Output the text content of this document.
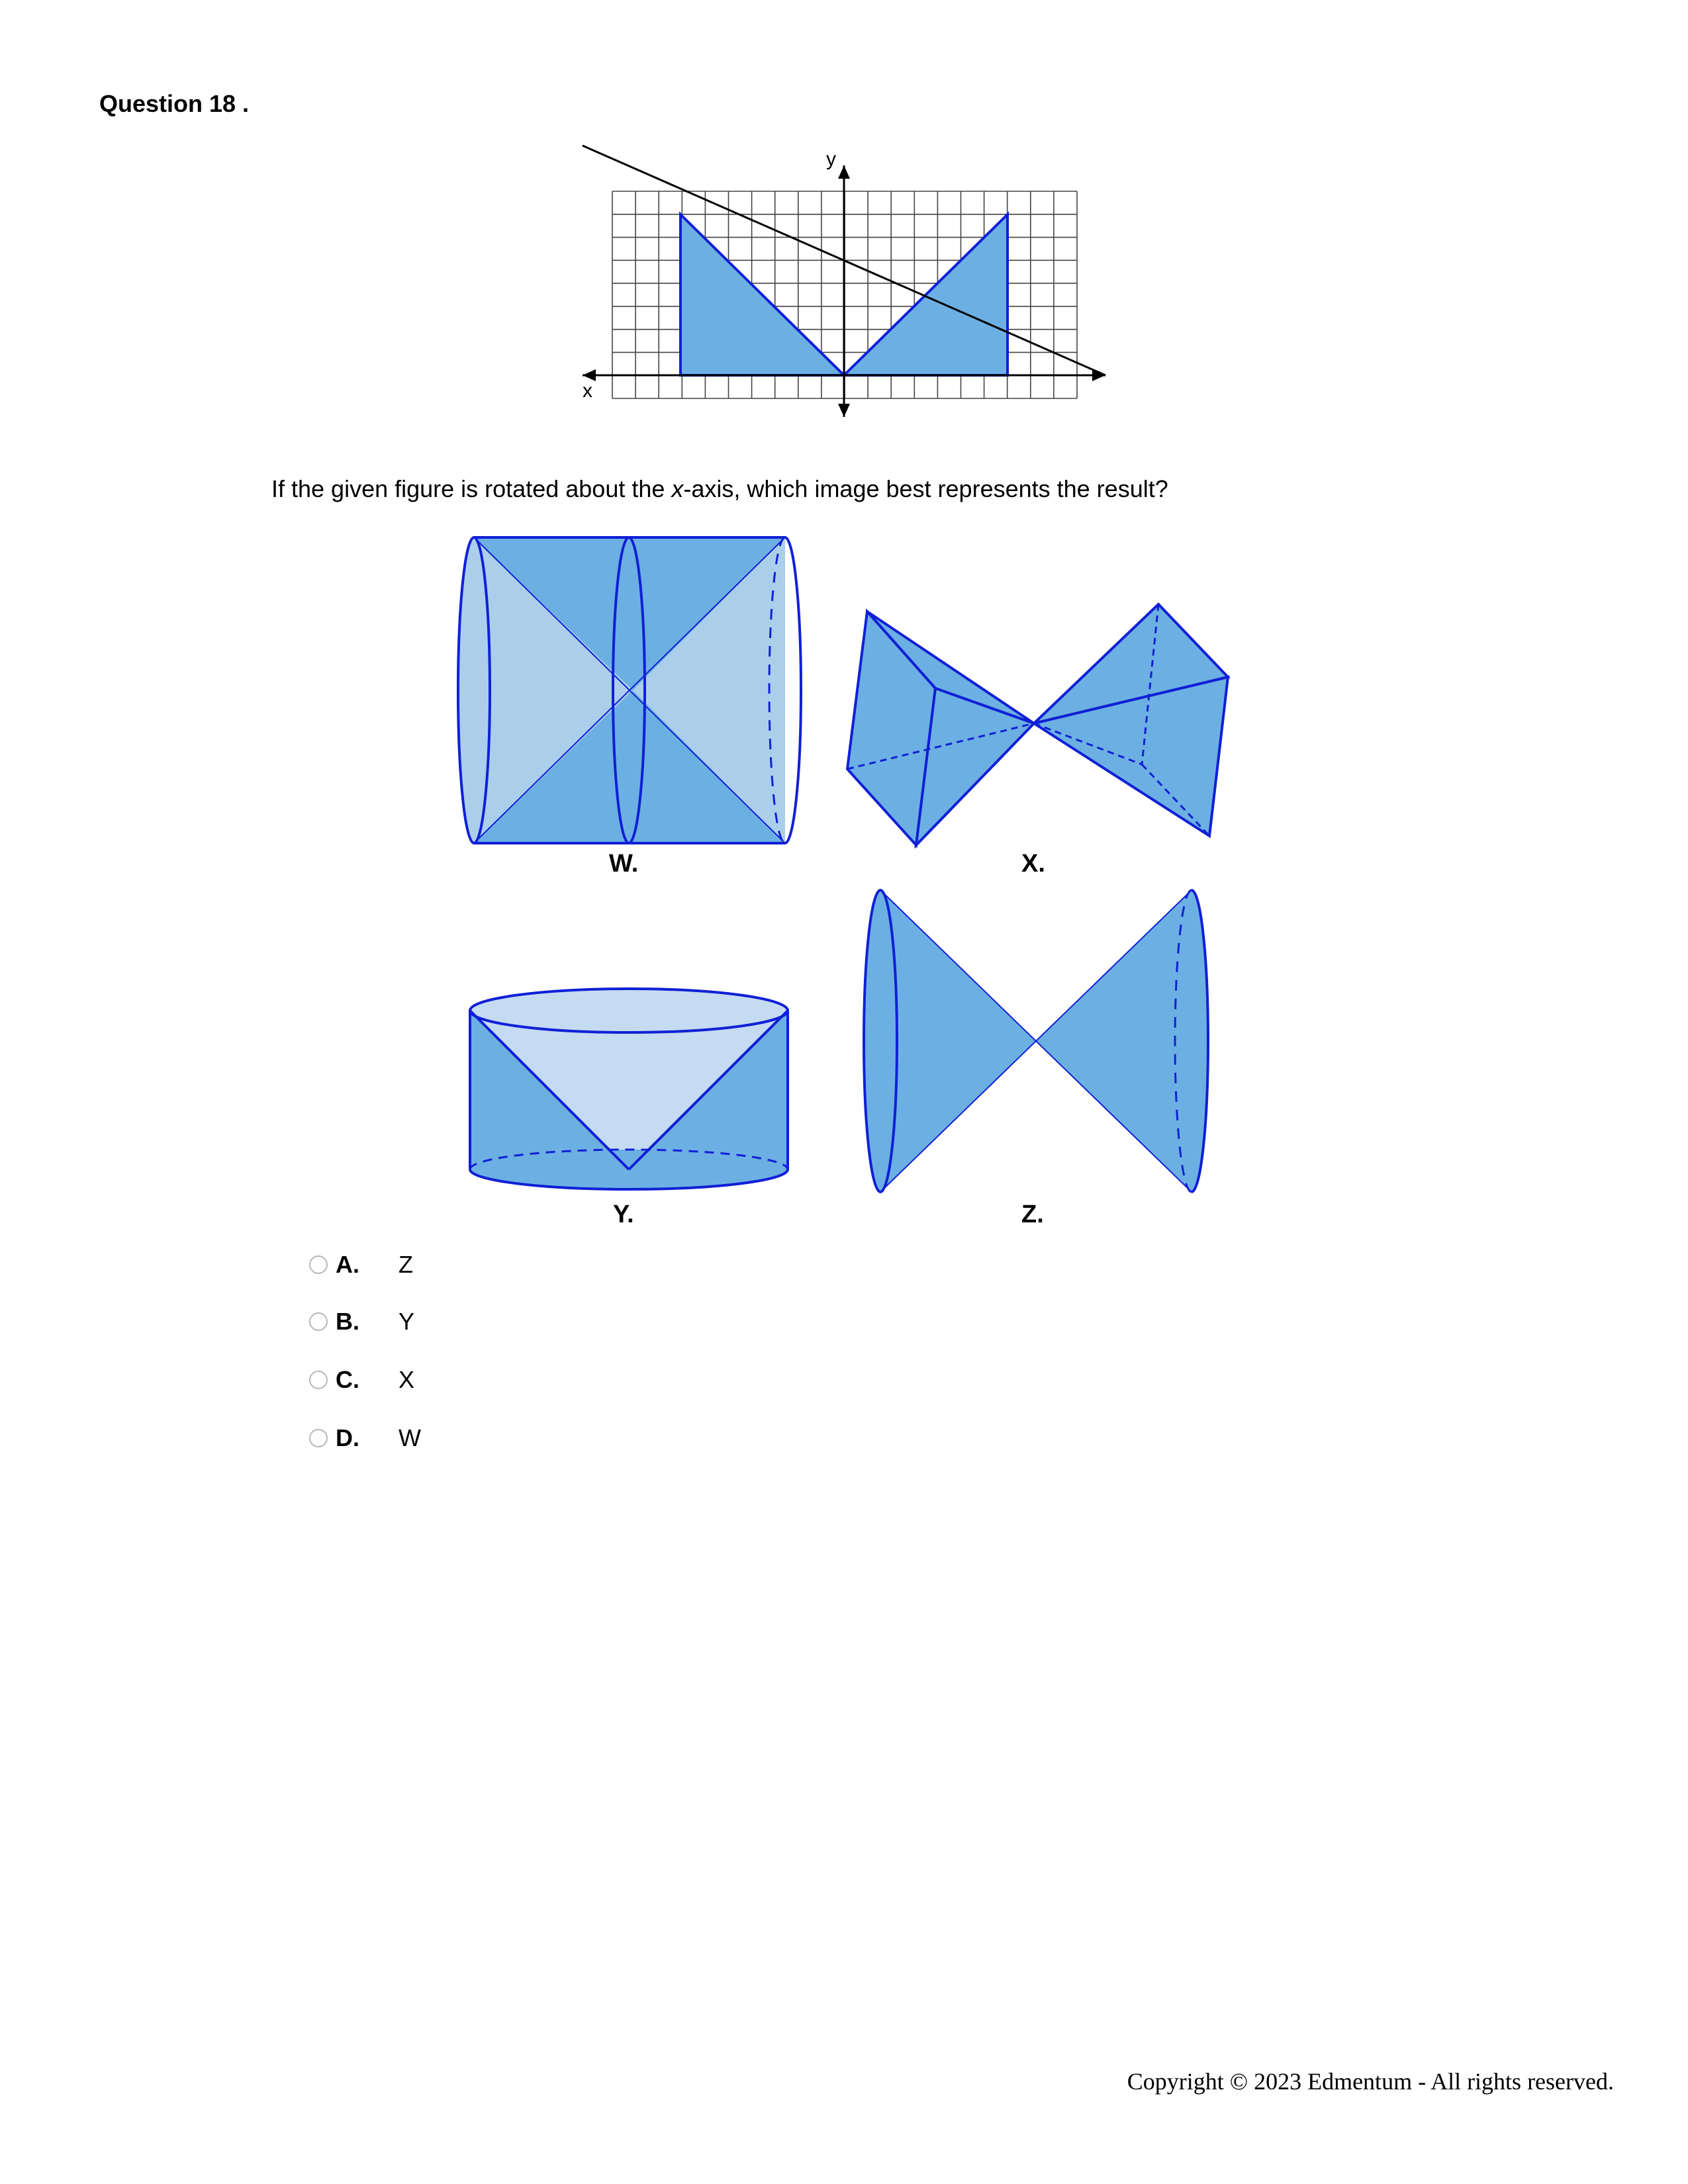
Question 18 .
x
y
If the given figure is rotated about the x-axis, which image best represents the result?
W.	X.
Y.	Z.
A.	Z
B.	Y
C.	X
D.	W
Copyright © 2023 Edmentum - All rights reserved.
